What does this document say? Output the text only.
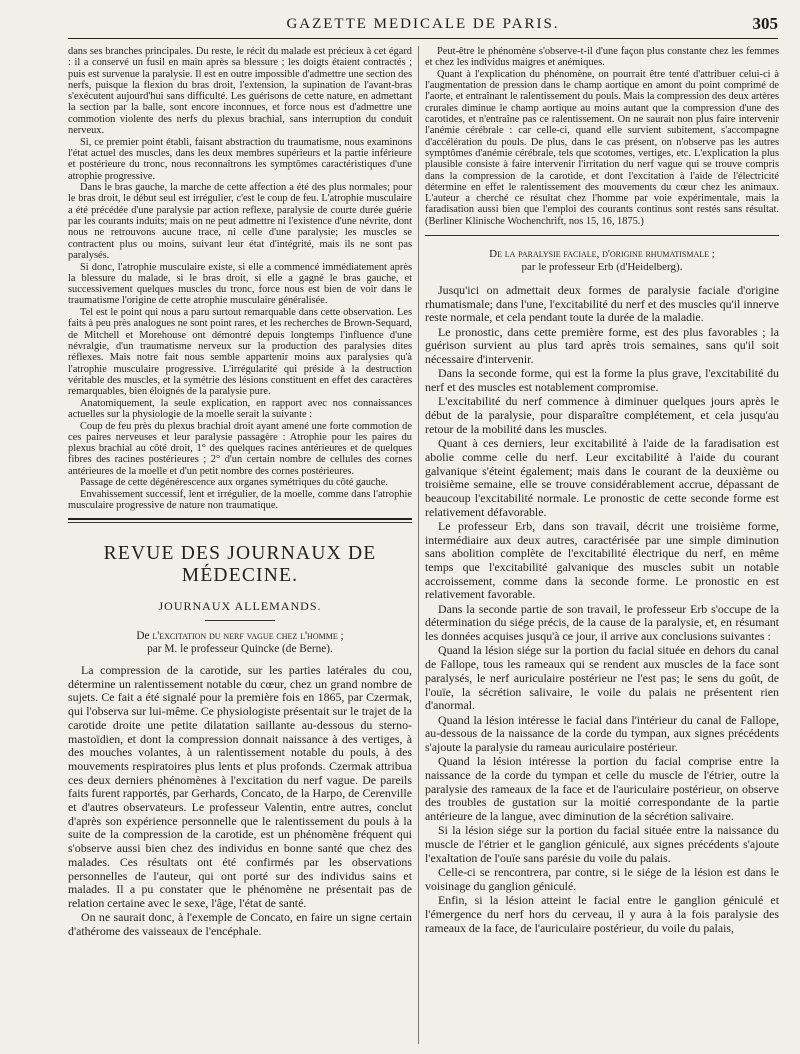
GAZETTE MEDICALE DE PARIS.	305

dans ses branches principales. Du reste, le récit du malade est précieux à cet égard : il a conservé un fusil en main après sa blessure ; les doigts étaient contractés ; puis est survenue la paralysie. Il est en outre impossible d'admettre une section des nerfs, puisque la flexion du bras droit, l'extension, la supination de l'avant-bras s'exécutent aujourd'hui sans difficulté. Les guérisons de cette nature, en admettant la section par la balle, sont encore inconnues, et force nous est d'admettre une commotion violente des nerfs du plexus brachial, sans interruption du conduit nerveux.

Si, ce premier point établi, faisant abstraction du traumatisme, nous examinons l'état actuel des muscles, dans les deux membres supérieurs et la partie inférieure et postérieure du tronc, nous reconnaîtrons les symptômes caractéristiques d'une atrophie progressive.

Dans le bras gauche, la marche de cette affection a été des plus normales; pour le bras droit, le début seul est irrégulier, c'est le coup de feu. L'atrophie musculaire a été précédée d'une paralysie par action reflexe, paralysie de courte durée guérie par les courants induits; mais on ne peut admettre ni l'existence d'une névrite, dont nous ne retrouvons aucune trace, ni celle d'une paralysie; les muscles se contractent plus ou moins, suivant leur état d'intégrité, mais ils ne sont pas paralysés.

Si donc, l'atrophie musculaire existe, si elle a commencé immédiatement après la blessure du malade, si le bras droit, si elle a gagné le bras gauche, et successivement quelques muscles du tronc, force nous est bien de voir dans le traumatisme l'origine de cette atrophie musculaire généralisée.

Tel est le point qui nous a paru surtout remarquable dans cette observation. Les faits à peu près analogues ne sont point rares, et les recherches de Brown-Sequard, de Mitchell et Morehouse ont démontré depuis longtemps l'influence d'une névralgie, d'un traumatisme nerveux sur la production des paralysies dites réflexes. Mais notre fait nous semble appartenir moins aux paralysies qu'à l'atrophie musculaire progressive. L'irrégularité qui préside à la destruction véritable des muscles, et la symétrie des lésions constituent en effet des caractères remarquables, bien éloignés de la paralysie pure.

Anatomiquement, la seule explication, en rapport avec nos connaissances actuelles sur la physiologie de la moelle serait la suivante :

Coup de feu près du plexus brachial droit ayant amené une forte commotion de ces paires nerveuses et leur paralysie passagère : Atrophie pour les paires du plexus brachial au côté droit, 1° des quelques racines antérieures et de quelques fibres des racines postérieures ; 2° d'un certain nombre de cellules des cornes antérieures de la moelle et d'un petit nombre des cornes postérieures.

Passage de cette dégénérescence aux organes symétriques du côté gauche.

Envahissement successif, lent et irrégulier, de la moelle, comme dans l'atrophie musculaire progressive de nature non traumatique.

REVUE DES JOURNAUX DE MÉDECINE.
JOURNAUX ALLEMANDS.
De l'excitation du nerf vague chez l'homme ;
par M. le professeur Quincke (de Berne).

La compression de la carotide, sur les parties latérales du cou, détermine un ralentissement notable du cœur, chez un grand nombre de sujets. Ce fait a été signalé pour la première fois en 1865, par Czermak, qui l'observa sur lui-même. Ce physiologiste présentait sur le trajet de la carotide droite une petite dilatation saillante au-dessous du sterno-mastoïdien, et dont la compression donnait naissance à des vertiges, à des mouches volantes, à un ralentissement notable du pouls, à des mouvements respiratoires plus lents et plus profonds. Czermak attribua ces deux derniers phénomènes à l'excitation du nerf vague. De pareils faits furent rapportés, par Gerhards, Concato, de la Harpo, de Cerenville et d'autres observateurs. Le professeur Valentin, entre autres, conclut d'après son expérience personnelle que le ralentissement du pouls à la suite de la compression de la carotide, est un phénomène fréquent qui s'observe aussi bien chez des individus en bonne santé que chez des malades. Ces résultats ont été confirmés par les observations personnelles de l'auteur, qui ont porté sur des individus sains et malades. Il a pu constater que le phénomène ne présentait pas de relation certaine avec le sexe, l'âge, l'état de santé.

On ne saurait donc, à l'exemple de Concato, en faire un signe certain d'athérome des vaisseaux de l'encéphale.

Peut-être le phénomène s'observe-t-il d'une façon plus constante chez les femmes et chez les individus maigres et anémiques.

Quant à l'explication du phénomène, on pourrait être tenté d'attribuer celui-ci à l'augmentation de pression dans le champ aortique en amont du point comprimé de l'aorte, et entraînant le ralentissement du pouls. Mais la compression des deux artères crurales diminue le champ aortique au moins autant que la compression d'une des carotides, et n'entraîne pas ce ralentissement. On ne saurait non plus faire intervenir l'anémie cérébrale : car celle-ci, quand elle survient subitement, s'accompagne d'accélération du pouls. De plus, dans le cas présent, on n'observe pas les autres symptômes d'anémie cérébrale, tels que scotomes, vertiges, etc. L'explication la plus plausible consiste à faire intervenir l'irritation du nerf vague qui se trouve compris dans la compression de la carotide, et dont l'excitation à l'aide de l'électricité détermine en effet le ralentissement des mouvements du cœur chez les animaux. L'auteur a cherché ce résultat chez l'homme par voie expérimentale, mais la faradisation aussi bien que l'emploi des courants continus sont restés sans résultat. (Berliner Klinische Wochenchrift, nos 15, 16, 1875.)

De la paralysie faciale, d'origine rhumatismale ;
par le professeur Erb (d'Heidelberg).

Jusqu'ici on admettait deux formes de paralysie faciale d'origine rhumatismale; dans l'une, l'excitabilité du nerf et des muscles qu'il innerve reste normale, et cela pendant toute la durée de la maladie.

Le pronostic, dans cette première forme, est des plus favorables ; la guérison survient au plus tard après trois semaines, sans qu'il soit nécessaire d'intervenir.

Dans la seconde forme, qui est la forme la plus grave, l'excitabilité du nerf et des muscles est notablement compromise.

L'excitabilité du nerf commence à diminuer quelques jours après le début de la paralysie, pour disparaître complétement, et cela jusqu'au retour de la mobilité dans les muscles.

Quant à ces derniers, leur excitabilité à l'aide de la faradisation est abolie comme celle du nerf. Leur excitabilité à l'aide du courant galvanique s'éteint également; mais dans le courant de la deuxième ou troisième semaine, elle se trouve considérablement accrue, dépassant de beaucoup l'excitabilité normale. Le pronostic de cette seconde forme est relativement défavorable.

Le professeur Erb, dans son travail, décrit une troisième forme, intermédiaire aux deux autres, caractérisée par une simple diminution sans abolition complète de l'excitabilité électrique du nerf, en même temps que l'excitabilité galvanique des muscles subit un notable accroissement, comme dans la seconde forme. Le pronostic en est relativement favorable.

Dans la seconde partie de son travail, le professeur Erb s'occupe de la détermination du siége précis, de la cause de la paralysie, et, en résumant les données acquises jusqu'à ce jour, il arrive aux conclusions suivantes :

Quand la lésion siége sur la portion du facial située en dehors du canal de Fallope, tous les rameaux qui se rendent aux muscles de la face sont paralysés, le nerf auriculaire postérieur ne l'est pas; le sens du goût, de l'ouïe, la sécrétion salivaire, le voile du palais ne présentent rien d'anormal.

Quand la lésion intéresse le facial dans l'intérieur du canal de Fallope, au-dessous de la naissance de la corde du tympan, aux signes précédents s'ajoute la paralysie du rameau auriculaire postérieur.

Quand la lésion intéresse la portion du facial comprise entre la naissance de la corde du tympan et celle du muscle de l'étrier, outre la paralysie des rameaux de la face et de l'auriculaire postérieur, on observe des troubles de gustation sur la moitié correspondante de la partie antérieure de la langue, avec diminution de la sécrétion salivaire.

Si la lésion siége sur la portion du facial située entre la naissance du muscle de l'étrier et le ganglion géniculé, aux signes précédents s'ajoute l'exaltation de l'ouïe sans parésie du voile du palais.

Celle-ci se rencontrera, par contre, si le siége de la lésion est dans le voisinage du ganglion géniculé.

Enfin, si la lésion atteint le facial entre le ganglion géniculé et l'émergence du nerf hors du cerveau, il y aura à la fois paralysie des rameaux de la face, de l'auriculaire postérieur, du voile du palais,
